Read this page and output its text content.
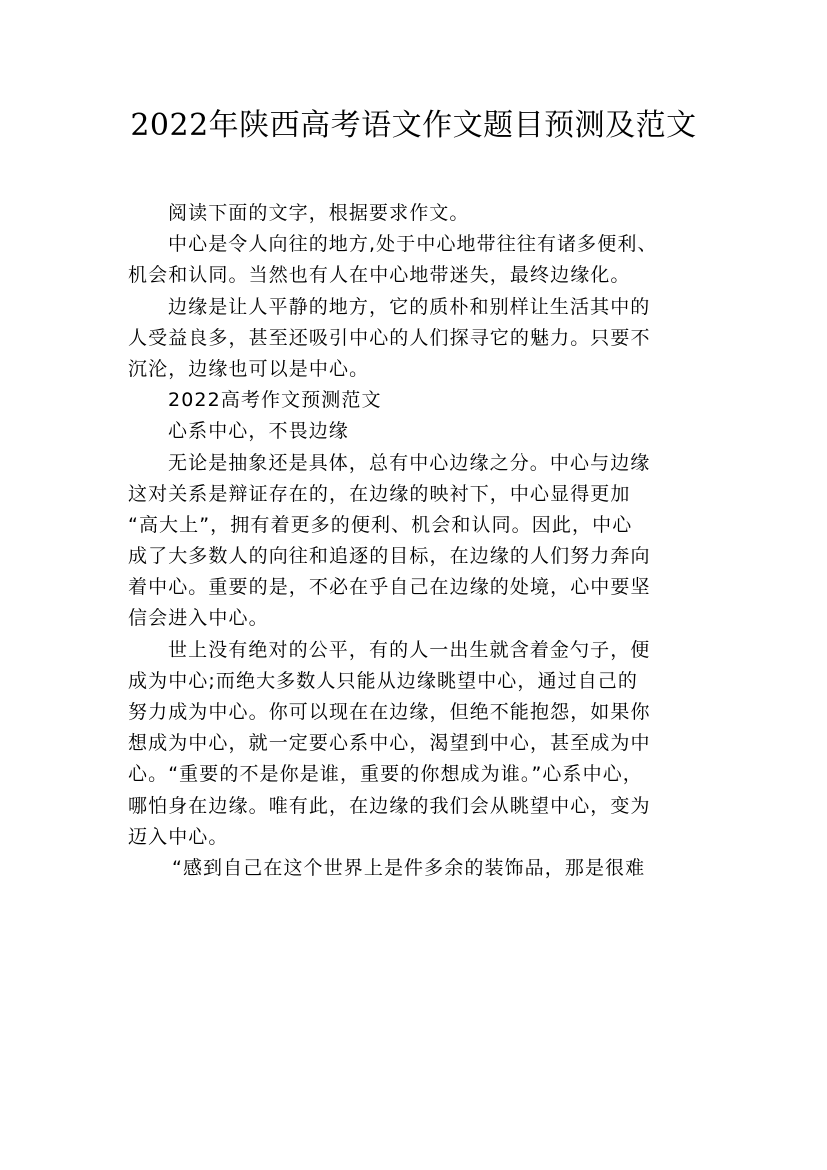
2022年陕西高考语文作文题目预测及范文
阅读下面的文字，根据要求作文。
中心是令人向往的地方,处于中心地带往往有诸多便利、
机会和认同。当然也有人在中心地带迷失，最终边缘化。
边缘是让人平静的地方，它的质朴和别样让生活其中的
人受益良多，甚至还吸引中心的人们探寻它的魅力。只要不
沉沦，边缘也可以是中心。
2022高考作文预测范文
心系中心，不畏边缘
无论是抽象还是具体，总有中心边缘之分。中心与边缘
这对关系是辩证存在的，在边缘的映衬下，中心显得更加
“高大上”，拥有着更多的便利、机会和认同。因此，中心
成了大多数人的向往和追逐的目标，在边缘的人们努力奔向
着中心。重要的是，不必在乎自己在边缘的处境，心中要坚
信会进入中心。
世上没有绝对的公平，有的人一出生就含着金勺子，便
成为中心;而绝大多数人只能从边缘眺望中心，通过自己的
努力成为中心。你可以现在在边缘，但绝不能抱怨，如果你
想成为中心，就一定要心系中心，渴望到中心，甚至成为中
心。“重要的不是你是谁，重要的你想成为谁。”心系中心，
哪怕身在边缘。唯有此，在边缘的我们会从眺望中心，变为
迈入中心。
“感到自己在这个世界上是件多余的装饰品，那是很难
